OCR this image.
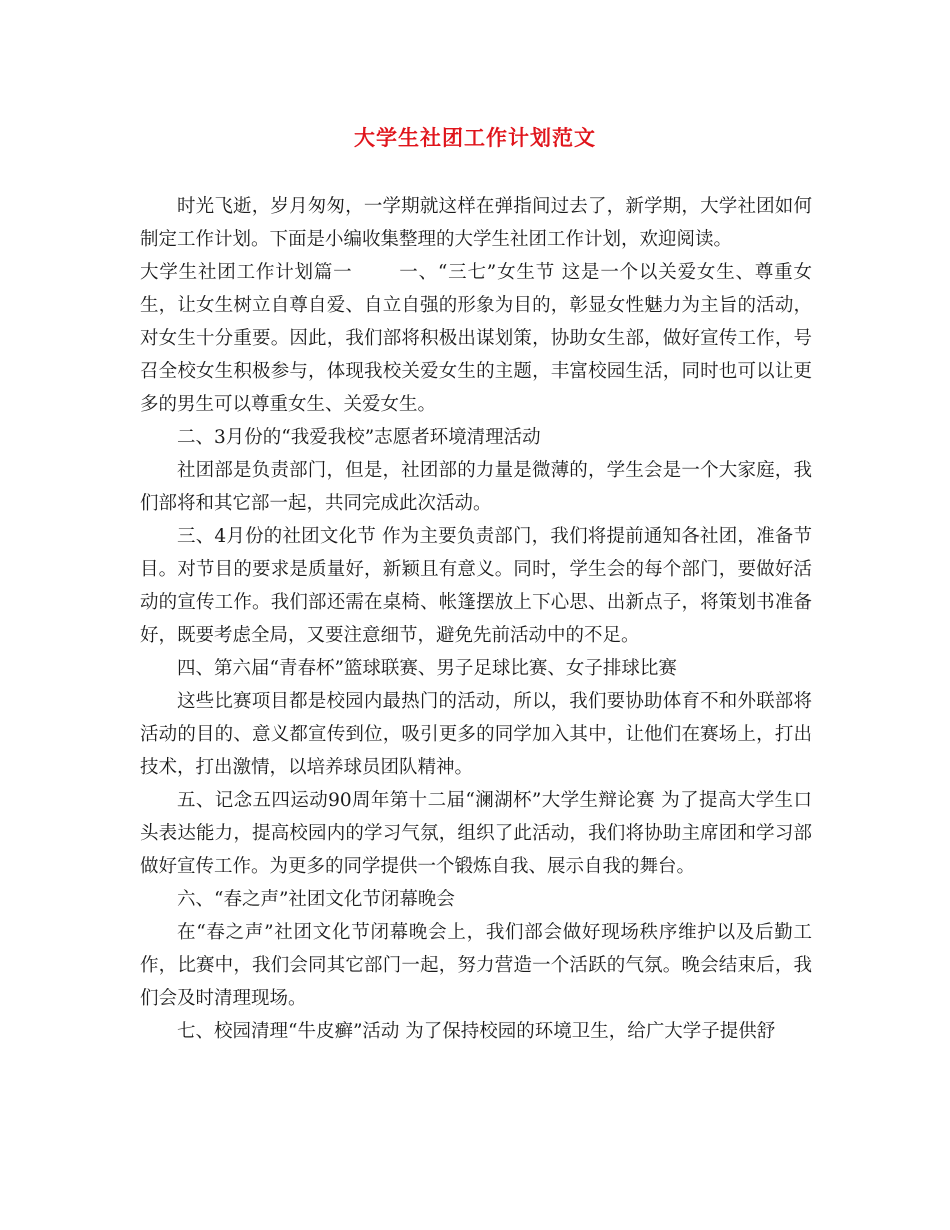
大学生社团工作计划范文

时光飞逝，岁月匆匆，一学期就这样在弹指间过去了，新学期，大学社团如何制定工作计划。下面是小编收集整理的大学生社团工作计划，欢迎阅读。

大学生社团工作计划篇一 一、“三七”女生节 这是一个以关爱女生、尊重女生，让女生树立自尊自爱、自立自强的形象为目的，彰显女性魅力为主旨的活动，对女生十分重要。因此，我们部将积极出谋划策，协助女生部，做好宣传工作，号召全校女生积极参与，体现我校关爱女生的主题，丰富校园生活，同时也可以让更多的男生可以尊重女生、关爱女生。

二、3月份的“我爱我校”志愿者环境清理活动

社团部是负责部门，但是，社团部的力量是微薄的，学生会是一个大家庭，我们部将和其它部一起，共同完成此次活动。

三、4月份的社团文化节 作为主要负责部门，我们将提前通知各社团，准备节目。对节目的要求是质量好，新颖且有意义。同时，学生会的每个部门，要做好活动的宣传工作。我们部还需在桌椅、帐篷摆放上下心思、出新点子，将策划书准备好，既要考虑全局，又要注意细节，避免先前活动中的不足。

四、第六届“青春杯”篮球联赛、男子足球比赛、女子排球比赛

这些比赛项目都是校园内最热门的活动，所以，我们要协助体育不和外联部将活动的目的、意义都宣传到位，吸引更多的同学加入其中，让他们在赛场上，打出技术，打出激情，以培养球员团队精神。

五、记念五四运动90周年第十二届“澜湖杯”大学生辩论赛 为了提高大学生口头表达能力，提高校园内的学习气氛，组织了此活动，我们将协助主席团和学习部做好宣传工作。为更多的同学提供一个锻炼自我、展示自我的舞台。

六、“春之声”社团文化节闭幕晚会

在“春之声”社团文化节闭幕晚会上，我们部会做好现场秩序维护以及后勤工作，比赛中，我们会同其它部门一起，努力营造一个活跃的气氛。晚会结束后，我们会及时清理现场。

七、校园清理“牛皮癣”活动 为了保持校园的环境卫生，给广大学子提供舒
